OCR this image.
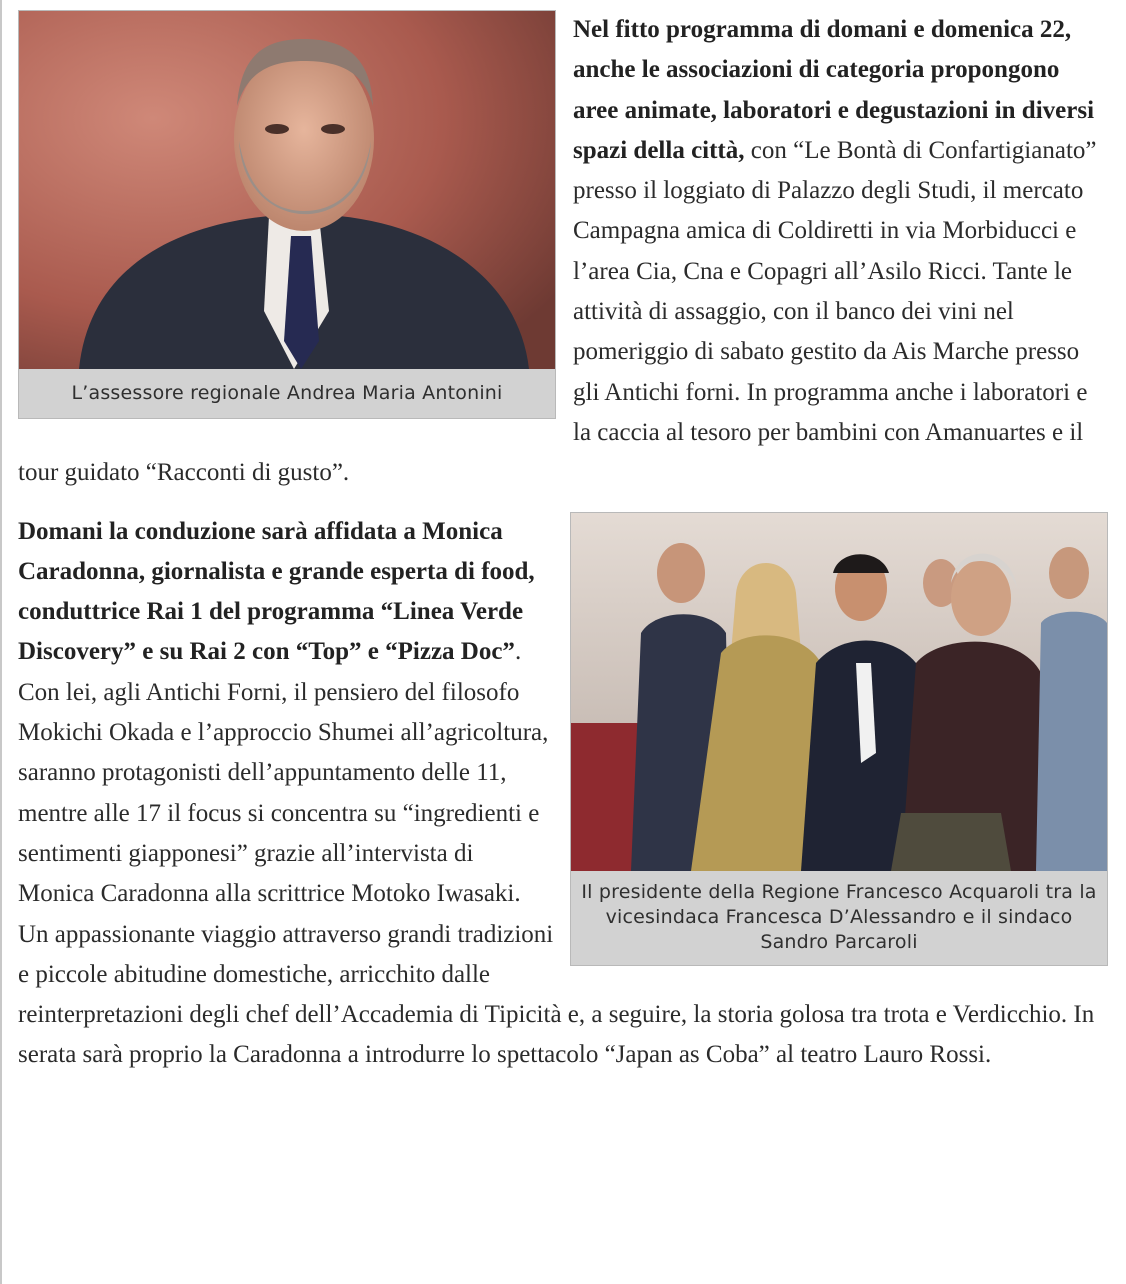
L’assessore regionale Andrea Maria Antonini

Nel fitto programma di domani e domenica 22, anche le associazioni di categoria propongono aree animate, laboratori e degustazioni in diversi spazi della città, con “Le Bontà di Confartigianato” presso il loggiato di Palazzo degli Studi, il mercato Campagna amica di Coldiretti in via Morbiducci e l’area Cia, Cna e Copagri all’Asilo Ricci. Tante le attività di assaggio, con il banco dei vini nel pomeriggio di sabato gestito da Ais Marche presso gli Antichi forni. In programma anche i laboratori e la caccia al tesoro per bambini con Amanuartes e il tour guidato “Racconti di gusto”.

Il presidente della Regione Francesco Acquaroli tra la vicesindaca Francesca D’Alessandro e il sindaco Sandro Parcaroli

Domani la conduzione sarà affidata a Monica Caradonna, giornalista e grande esperta di food, conduttrice Rai 1 del programma “Linea Verde Discovery” e su Rai 2 con “Top” e “Pizza Doc”. Con lei, agli Antichi Forni, il pensiero del filosofo Mokichi Okada e l’approccio Shumei all’agricoltura, saranno protagonisti dell’appuntamento delle 11, mentre alle 17 il focus si concentra su “ingredienti e sentimenti giapponesi” grazie all’intervista di Monica Caradonna alla scrittrice Motoko Iwasaki. Un appassionante viaggio attraverso grandi tradizioni e piccole abitudine domestiche, arricchito dalle reinterpretazioni degli chef dell’Accademia di Tipicità e, a seguire, la storia golosa tra trota e Verdicchio. In serata sarà proprio la Caradonna a introdurre lo spettacolo “Japan as Coba” al teatro Lauro Rossi.
